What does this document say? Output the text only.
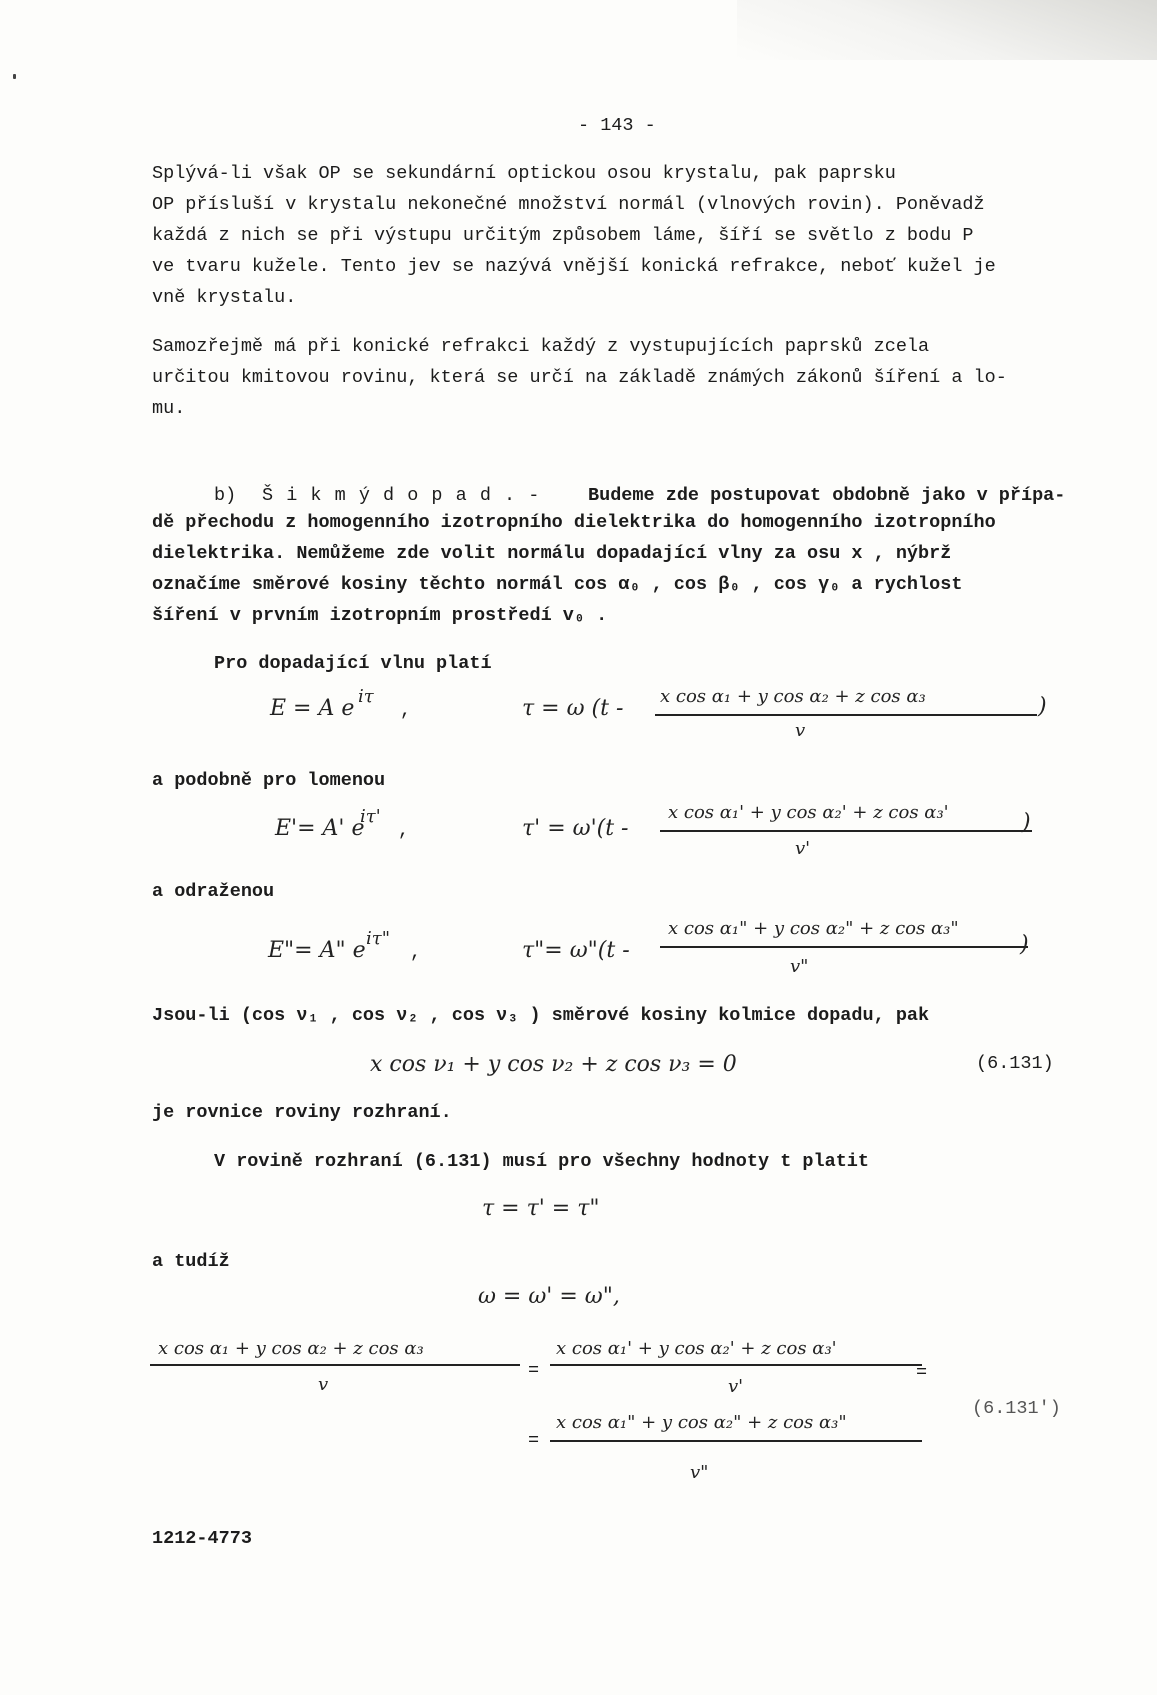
- 143 -
Splývá-li však OP se sekundární optickou osou krystalu, pak paprsku
OP přísluší v krystalu nekonečné množství normál (vlnových rovin). Poněvadž
každá z nich se při výstupu určitým způsobem láme, šíří se světlo z bodu P
ve tvaru kužele. Tento jev se nazývá vnější konická refrakce, neboť kužel je
vně krystalu.
Samozřejmě má při konické refrakci každý z vystupujících paprsků zcela
určitou kmitovou rovinu, která se určí na základě známých zákonů šíření a lo-
mu.
b) Š i k m ý d o p a d . -	Budeme zde postupovat obdobně jako v přípa-
dě přechodu z homogenního izotropního dielektrika do homogenního izotropního
dielektrika. Nemůžeme zde volit normálu dopadající vlny za osu x , nýbrž
označíme směrové kosiny těchto normál cos α₀ , cos β₀ , cos γ₀ a rychlost
šíření v prvním izotropním prostředí v₀ .
Pro dopadající vlnu platí
E = A e iτ
,	τ = ω (t - x cos α₁ + y cos α₂ + z cos α₃
v
)
a podobně pro lomenou
E'= A' e
iτ'
,	τ' = ω'(t -
x cos α₁' + y cos α₂' + z cos α₃'
v'
)
a odraženou
E"= A" e iτ"
,	τ"= ω"(t -
x cos α₁" + y cos α₂" + z cos α₃"
v"
)
Jsou-li (cos ν₁ , cos ν₂ , cos ν₃ ) směrové kosiny kolmice dopadu, pak
x cos ν₁ + y cos ν₂ + z cos ν₃ = 0	(6.131)
je rovnice roviny rozhraní.
V rovině rozhraní (6.131) musí pro všechny hodnoty t platit
τ = τ' = τ"
a tudíž
ω = ω' = ω",
x cos α₁ + y cos α₂ + z cos α₃
v
=
x cos α₁' + y cos α₂' + z cos α₃'
v'
=
=
x cos α₁" + y cos α₂" + z cos α₃"
v"
(6.131')
1212-4773
